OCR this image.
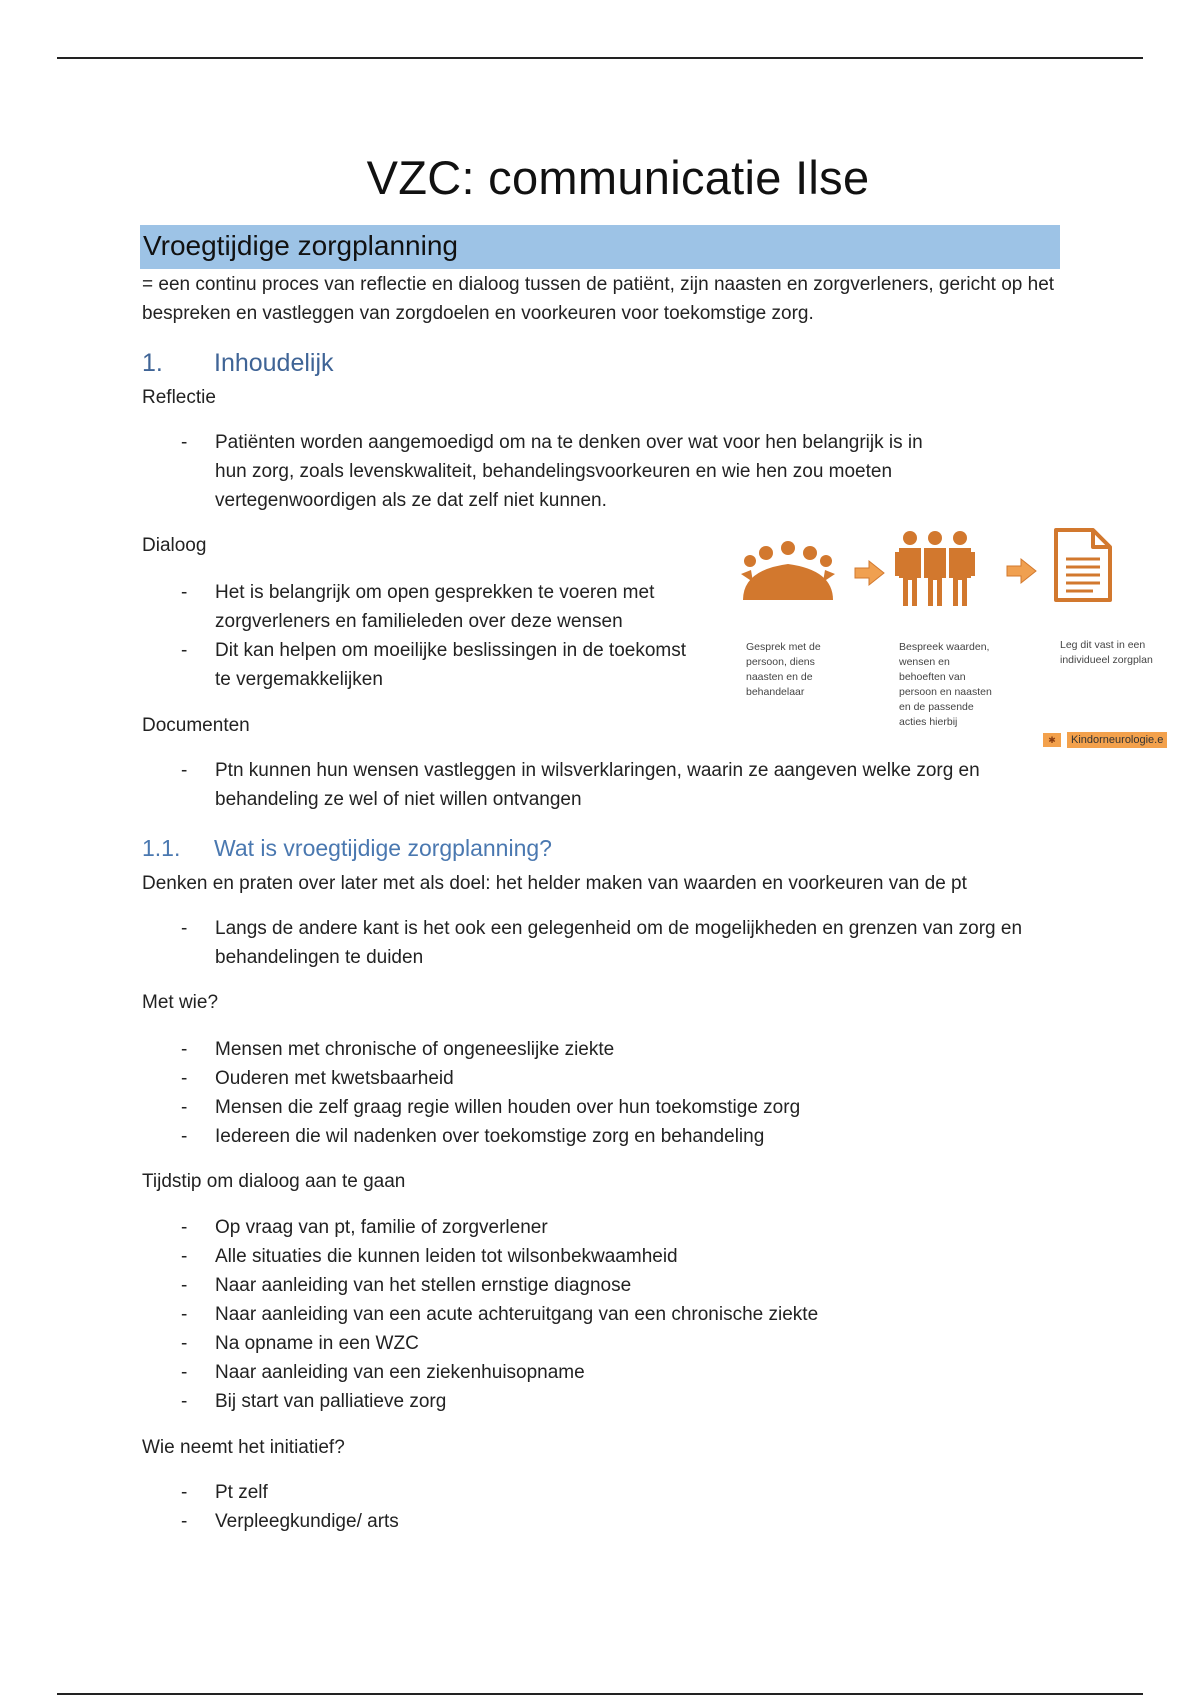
VZC: communicatie Ilse
Vroegtijdige zorgplanning
= een continu proces van reflectie en dialoog tussen de patiënt, zijn naasten en zorgverleners, gericht op het bespreken en vastleggen van zorgdoelen en voorkeuren voor toekomstige zorg.
1. Inhoudelijk
Reflectie
- Patiënten worden aangemoedigd om na te denken over wat voor hen belangrijk is in hun zorg, zoals levenskwaliteit, behandelingsvoorkeuren en wie hen zou moeten vertegenwoordigen als ze dat zelf niet kunnen.
Dialoog
- Het is belangrijk om open gesprekken te voeren met zorgverleners en familieleden over deze wensen
- Dit kan helpen om moeilijke beslissingen in de toekomst te vergemakkelijken
Gesprek met de persoon, diens naasten en de behandelaar
Bespreek waarden, wensen en behoeften van persoon en naasten en de passende acties hierbij
Leg dit vast in een individueel zorgplan
✱	Kindorneurologie.e
Documenten
- Ptn kunnen hun wensen vastleggen in wilsverklaringen, waarin ze aangeven welke zorg en behandeling ze wel of niet willen ontvangen
1.1. Wat is vroegtijdige zorgplanning?
Denken en praten over later met als doel: het helder maken van waarden en voorkeuren van de pt
- Langs de andere kant is het ook een gelegenheid om de mogelijkheden en grenzen van zorg en behandelingen te duiden
Met wie?
- Mensen met chronische of ongeneeslijke ziekte
- Ouderen met kwetsbaarheid
- Mensen die zelf graag regie willen houden over hun toekomstige zorg
- Iedereen die wil nadenken over toekomstige zorg en behandeling
Tijdstip om dialoog aan te gaan
- Op vraag van pt, familie of zorgverlener
- Alle situaties die kunnen leiden tot wilsonbekwaamheid
- Naar aanleiding van het stellen ernstige diagnose
- Naar aanleiding van een acute achteruitgang van een chronische ziekte
- Na opname in een WZC
- Naar aanleiding van een ziekenhuisopname
- Bij start van palliatieve zorg
Wie neemt het initiatief?
- Pt zelf
- Verpleegkundige/ arts
